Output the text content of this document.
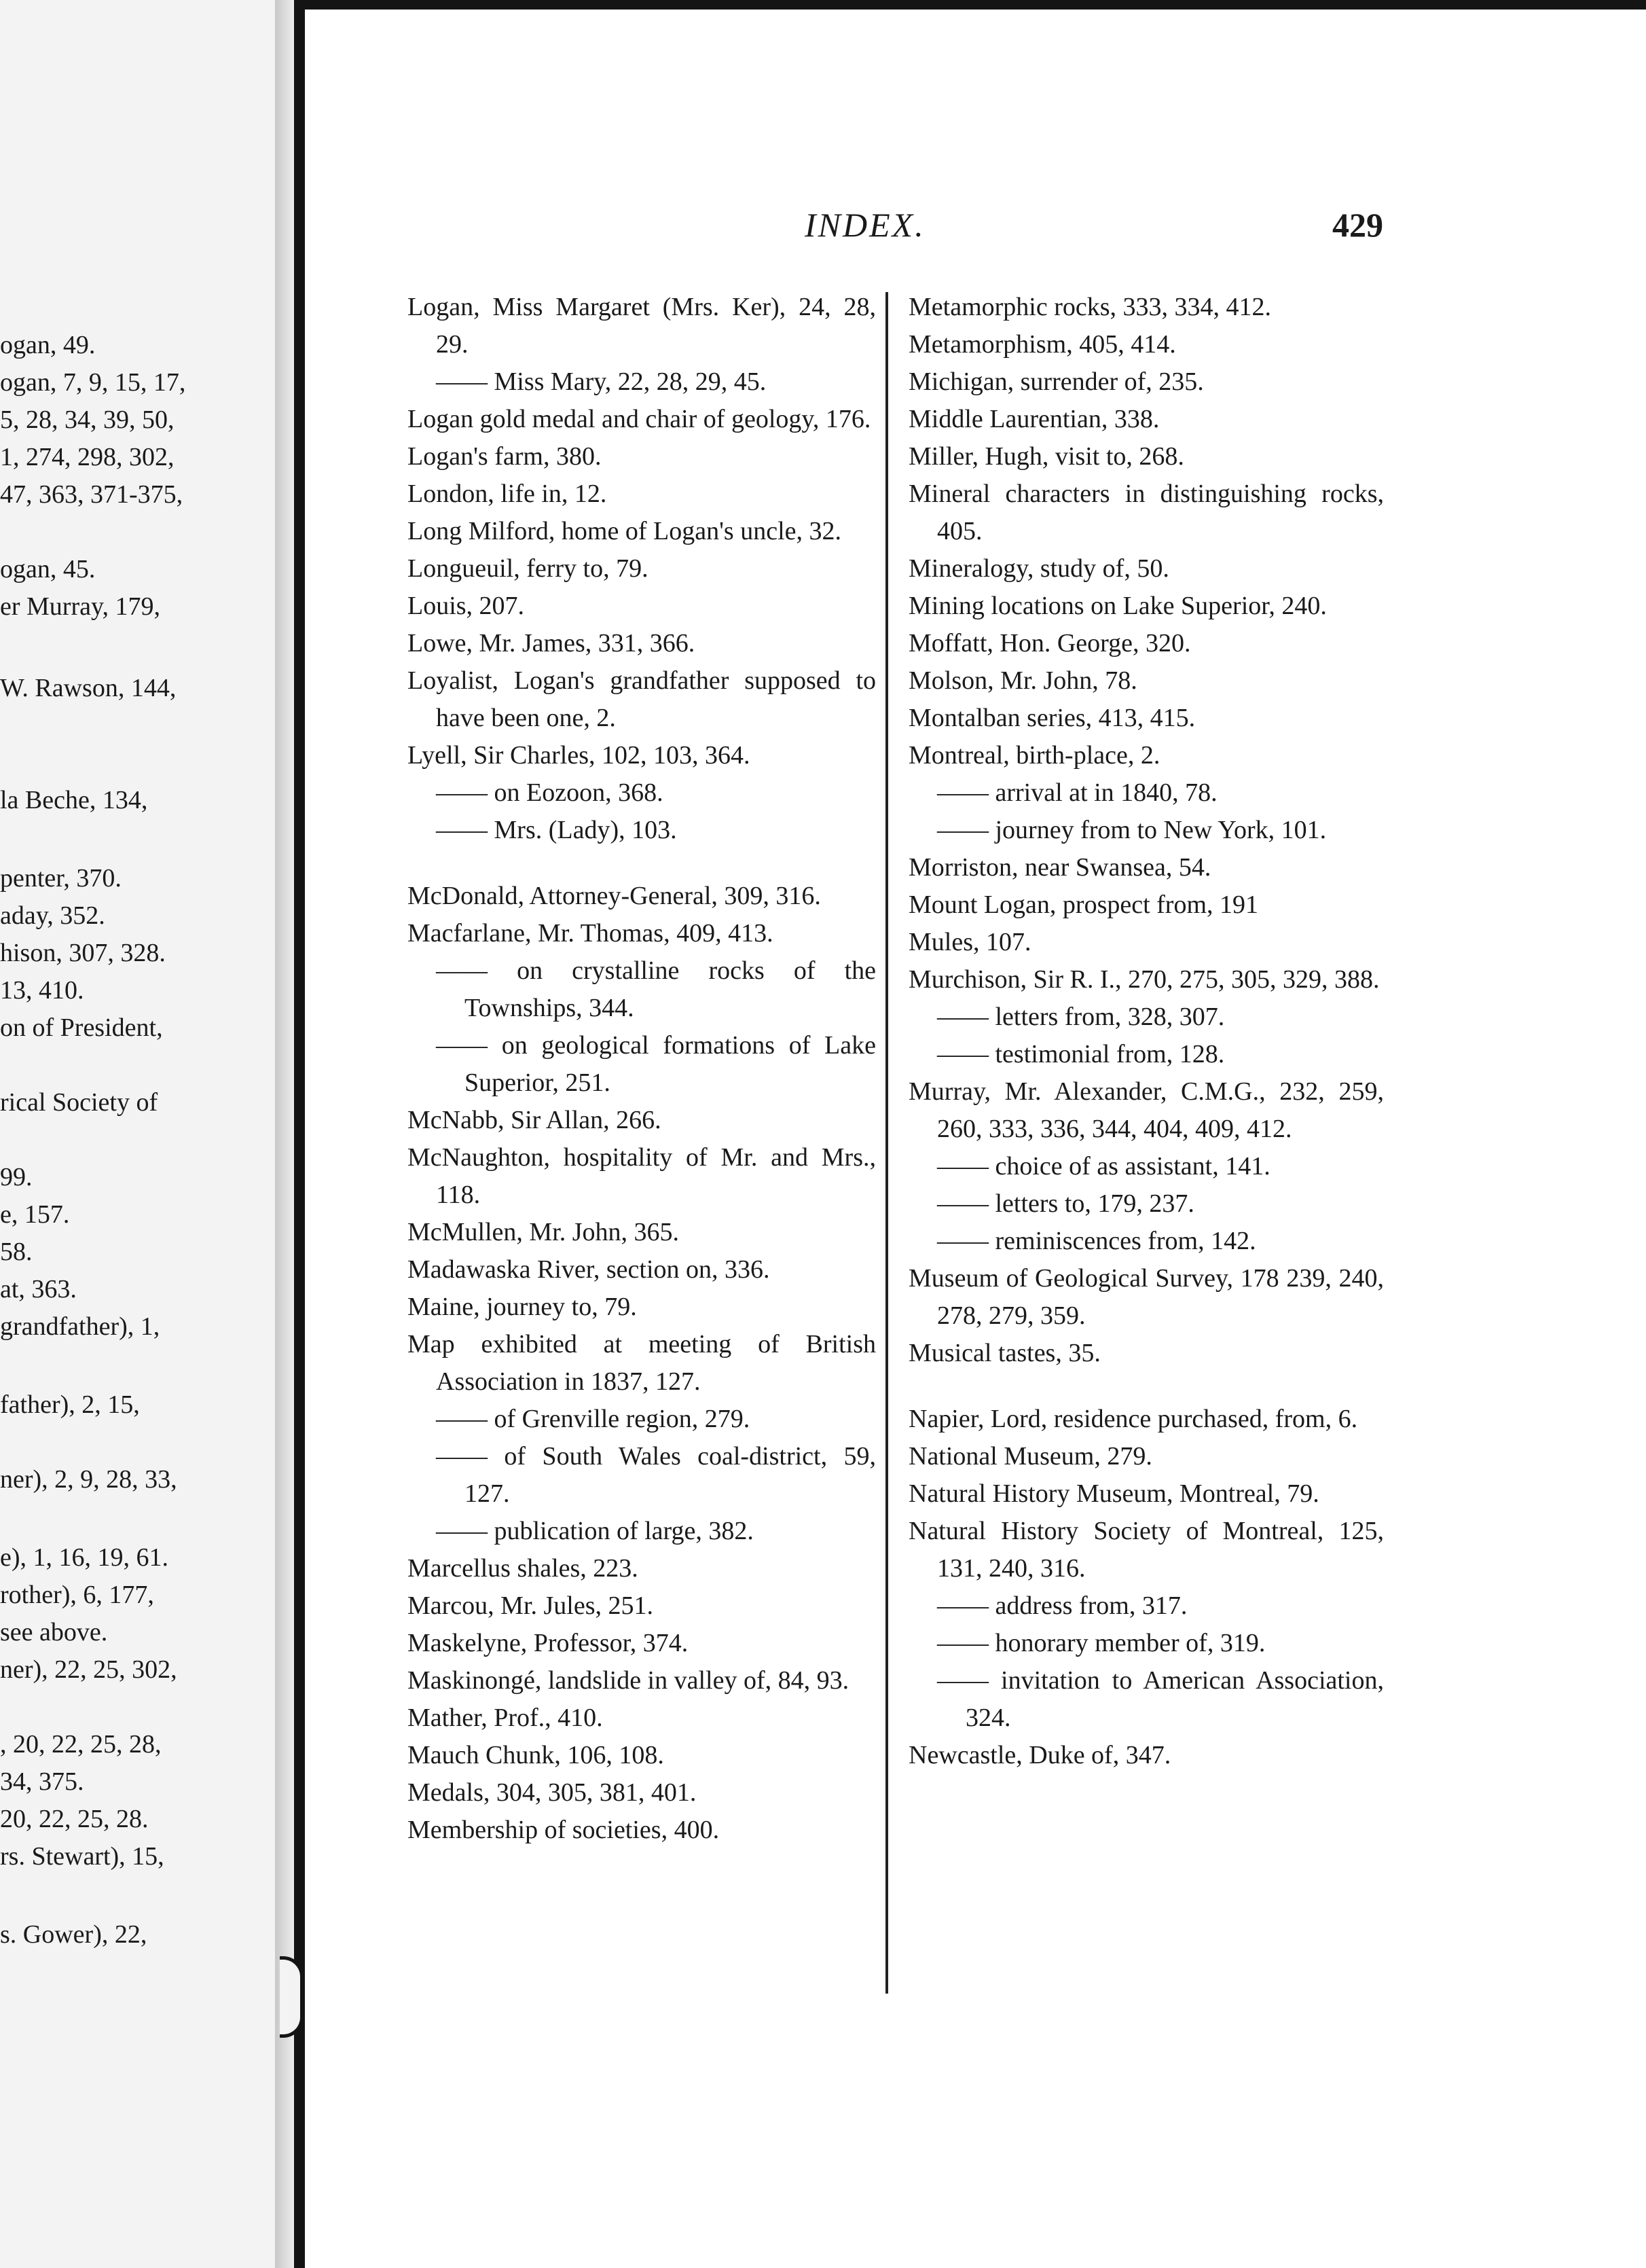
ogan, 49.
ogan, 7, 9, 15, 17,
5, 28, 34, 39, 50,
1, 274, 298, 302,
47, 363, 371-375,
ogan, 45.
er Murray, 179,
W. Rawson, 144,
la Beche, 134,
penter, 370.
aday, 352.
hison, 307, 328.
13, 410.
on of President,
rical Society of
99.
e, 157.
58.
at, 363.
grandfather), 1,
father), 2, 15,
ner), 2, 9, 28, 33,
e), 1, 16, 19, 61.
rother), 6, 177,
see above.
ner), 22, 25, 302,
, 20, 22, 25, 28,
34, 375.
20, 22, 25, 28.
rs. Stewart), 15,
s. Gower), 22,
INDEX.	429
Logan, Miss Margaret (Mrs. Ker), 24, 28, 29.
—— Miss Mary, 22, 28, 29, 45.
Logan gold medal and chair of geology, 176.
Logan's farm, 380.
London, life in, 12.
Long Milford, home of Logan's uncle, 32.
Longueuil, ferry to, 79.
Louis, 207.
Lowe, Mr. James, 331, 366.
Loyalist, Logan's grandfather supposed to have been one, 2.
Lyell, Sir Charles, 102, 103, 364.
—— on Eozoon, 368.
—— Mrs. (Lady), 103.
McDonald, Attorney-General, 309, 316.
Macfarlane, Mr. Thomas, 409, 413.
—— on crystalline rocks of the Townships, 344.
—— on geological formations of Lake Superior, 251.
McNabb, Sir Allan, 266.
McNaughton, hospitality of Mr. and Mrs., 118.
McMullen, Mr. John, 365.
Madawaska River, section on, 336.
Maine, journey to, 79.
Map exhibited at meeting of British Association in 1837, 127.
—— of Grenville region, 279.
—— of South Wales coal-district, 59, 127.
—— publication of large, 382.
Marcellus shales, 223.
Marcou, Mr. Jules, 251.
Maskelyne, Professor, 374.
Maskinongé, landslide in valley of, 84, 93.
Mather, Prof., 410.
Mauch Chunk, 106, 108.
Medals, 304, 305, 381, 401.
Membership of societies, 400.
Metamorphic rocks, 333, 334, 412.
Metamorphism, 405, 414.
Michigan, surrender of, 235.
Middle Laurentian, 338.
Miller, Hugh, visit to, 268.
Mineral characters in distinguishing rocks, 405.
Mineralogy, study of, 50.
Mining locations on Lake Superior, 240.
Moffatt, Hon. George, 320.
Molson, Mr. John, 78.
Montalban series, 413, 415.
Montreal, birth-place, 2.
—— arrival at in 1840, 78.
—— journey from to New York, 101.
Morriston, near Swansea, 54.
Mount Logan, prospect from, 191
Mules, 107.
Murchison, Sir R. I., 270, 275, 305, 329, 388.
—— letters from, 328, 307.
—— testimonial from, 128.
Murray, Mr. Alexander, C.M.G., 232, 259, 260, 333, 336, 344, 404, 409, 412.
—— choice of as assistant, 141.
—— letters to, 179, 237.
—— reminiscences from, 142.
Museum of Geological Survey, 178 239, 240, 278, 279, 359.
Musical tastes, 35.
Napier, Lord, residence purchased, from, 6.
National Museum, 279.
Natural History Museum, Montreal, 79.
Natural History Society of Montreal, 125, 131, 240, 316.
—— address from, 317.
—— honorary member of, 319.
—— invitation to American Association, 324.
Newcastle, Duke of, 347.
